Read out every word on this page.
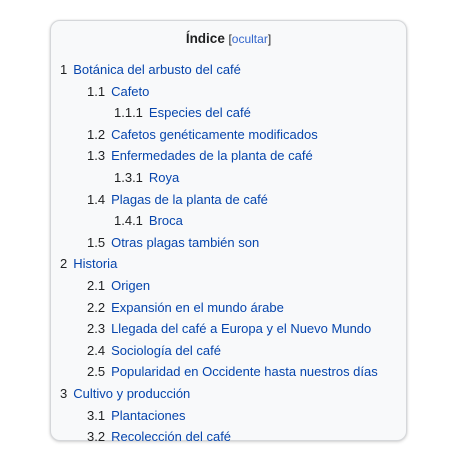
Índice [ocultar]
1 Botánica del arbusto del café
1.1 Cafeto
1.1.1 Especies del café
1.2 Cafetos genéticamente modificados
1.3 Enfermedades de la planta de café
1.3.1 Roya
1.4 Plagas de la planta de café
1.4.1 Broca
1.5 Otras plagas también son
2 Historia
2.1 Origen
2.2 Expansión en el mundo árabe
2.3 Llegada del café a Europa y el Nuevo Mundo
2.4 Sociología del café
2.5 Popularidad en Occidente hasta nuestros días
3 Cultivo y producción
3.1 Plantaciones
3.2 Recolección del café
